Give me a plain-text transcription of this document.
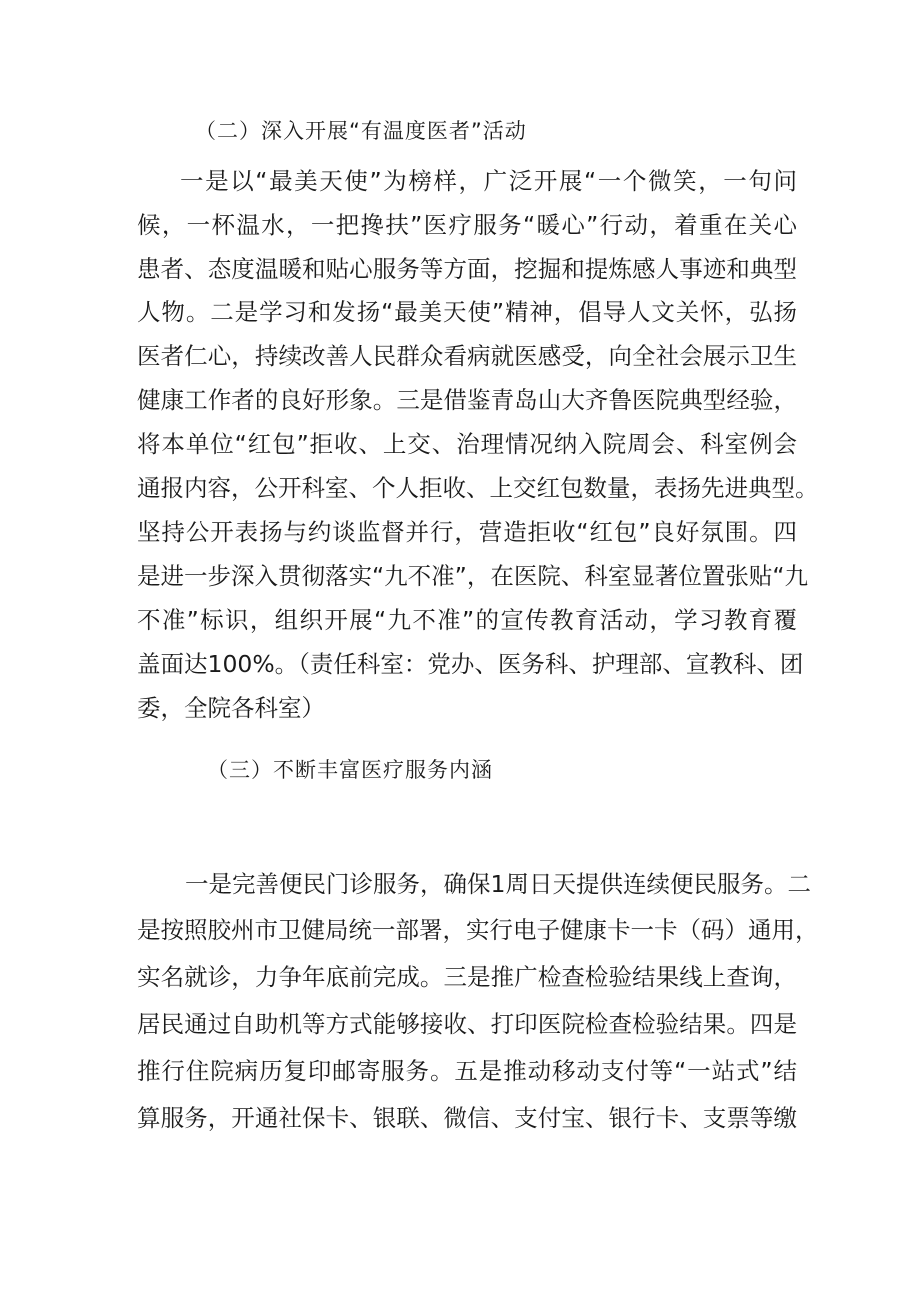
（二）深入开展“有温度医者”活动
一是以“最美天使”为榜样，广泛开展“一个微笑，一句问
候，一杯温水，一把搀扶”医疗服务“暖心”行动，着重在关心
患者、态度温暖和贴心服务等方面，挖掘和提炼感人事迹和典型
人物。二是学习和发扬“最美天使”精神，倡导人文关怀，弘扬
医者仁心，持续改善人民群众看病就医感受，向全社会展示卫生
健康工作者的良好形象。三是借鉴青岛山大齐鲁医院典型经验，
将本单位“红包”拒收、上交、治理情况纳入院周会、科室例会
通报内容，公开科室、个人拒收、上交红包数量，表扬先进典型。
坚持公开表扬与约谈监督并行，营造拒收“红包”良好氛围。四
是进一步深入贯彻落实“九不准”，在医院、科室显著位置张贴“九
不准”标识，组织开展“九不准”的宣传教育活动，学习教育覆
盖面达100%。（责任科室：党办、医务科、护理部、宣教科、团
委，全院各科室）
（三）不断丰富医疗服务内涵
一是完善便民门诊服务，确保1周日天提供连续便民服务。二
是按照胶州市卫健局统一部署，实行电子健康卡一卡（码）通用，
实名就诊，力争年底前完成。三是推广检查检验结果线上查询，
居民通过自助机等方式能够接收、打印医院检查检验结果。四是
推行住院病历复印邮寄服务。五是推动移动支付等“一站式”结
算服务，开通社保卡、银联、微信、支付宝、银行卡、支票等缴
